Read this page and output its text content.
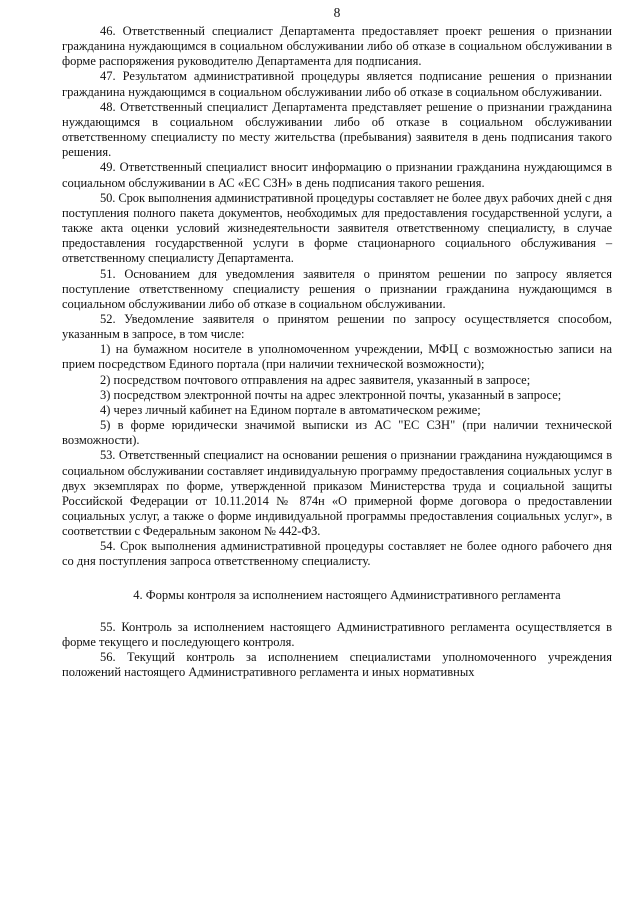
8

46. Ответственный специалист Департамента предоставляет проект решения о признании гражданина нуждающимся в социальном обслуживании либо об отказе в социальном обслуживании в форме распоряжения руководителю Департамента для подписания.

47. Результатом административной процедуры является подписание решения о признании гражданина нуждающимся в социальном обслуживании либо об отказе в социальном обслуживании.

48. Ответственный специалист Департамента представляет решение о признании гражданина нуждающимся в социальном обслуживании либо об отказе в социальном обслуживании ответственному специалисту по месту жительства (пребывания) заявителя в день подписания такого решения.

49. Ответственный специалист вносит информацию о признании гражданина нуждающимся в социальном обслуживании в АС «ЕС СЗН» в день подписания такого решения.

50. Срок выполнения административной процедуры составляет не более двух рабочих дней с дня поступления полного пакета документов, необходимых для предоставления государственной услуги, а также акта оценки условий жизнедеятельности заявителя ответственному специалисту, в случае предоставления государственной услуги в форме стационарного социального обслуживания – ответственному специалисту Департамента.

51. Основанием для уведомления заявителя о принятом решении по запросу является поступление ответственному специалисту решения о признании гражданина нуждающимся в социальном обслуживании либо об отказе в социальном обслуживании.

52. Уведомление заявителя о принятом решении по запросу осуществляется способом, указанным в запросе, в том числе:

1) на бумажном носителе в уполномоченном учреждении, МФЦ с возможностью записи на прием посредством Единого портала (при наличии технической возможности);

2) посредством почтового отправления на адрес заявителя, указанный в запросе;

3) посредством электронной почты на адрес электронной почты, указанный в запросе;

4) через личный кабинет на Едином портале в автоматическом режиме;

5) в форме юридически значимой выписки из АС "ЕС СЗН" (при наличии технической возможности).

53. Ответственный специалист на основании решения о признании гражданина нуждающимся в социальном обслуживании составляет индивидуальную программу предоставления социальных услуг в двух экземплярах по форме, утвержденной приказом Министерства труда и социальной защиты Российской Федерации от 10.11.2014 № 874н «О примерной форме договора о предоставлении социальных услуг, а также о форме индивидуальной программы предоставления социальных услуг», в соответствии с Федеральным законом № 442-ФЗ.

54. Срок выполнения административной процедуры составляет не более одного рабочего дня со дня поступления запроса ответственному специалисту.

4. Формы контроля за исполнением настоящего Административного регламента

55. Контроль за исполнением настоящего Административного регламента осуществляется в форме текущего и последующего контроля.

56. Текущий контроль за исполнением специалистами уполномоченного учреждения положений настоящего Административного регламента и иных нормативных
